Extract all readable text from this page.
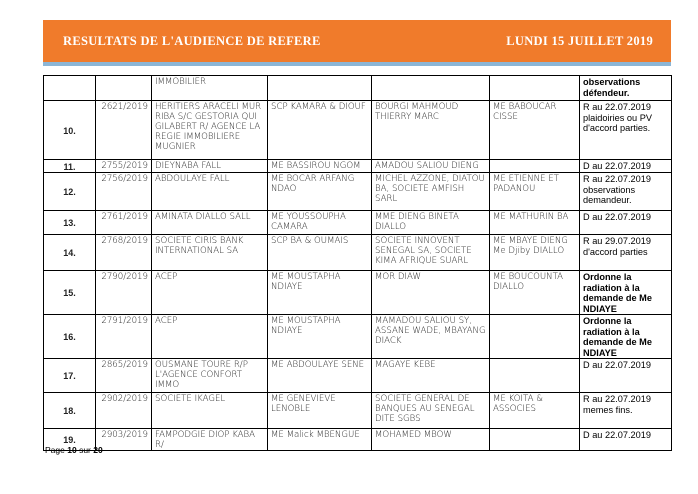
RESULTATS DE L'AUDIENCE DE REFERE	LUNDI 15 JUILLET 2019
		IMMOBILIER				observations défendeur.
10.	2621/2019	HERITIERS ARACELI MUR RIBA S/C GESTORIA QUI GILABERT R/ AGENCE LA REGIE IMMOBILIERE MUGNIER	SCP KAMARA & DIOUF	BOURGI MAHMOUD THIERRY MARC	ME BABOUCAR CISSE	R au 22.07.2019 plaidoiries ou PV d'accord parties.
11.	2755/2019	DIEYNABA FALL	ME BASSIROU NGOM	AMADOU SALIOU DIENG		D au 22.07.2019
12.	2756/2019	ABDOULAYE FALL	ME BOCAR ARFANG NDAO	MICHEL AZZONE, DIATOU BA, SOCIETE AMFISH SARL	ME ETIENNE ET PADANOU	R au 22.07.2019 observations demandeur.
13.	2761/2019	AMINATA DIALLO SALL	ME YOUSSOUPHA CAMARA	MME DIENG BINETA DIALLO	ME MATHURIN BA	D au 22.07.2019
14.	2768/2019	SOCIETE CIRIS BANK INTERNATIONAL SA	SCP BA & OUMAIS	SOCIETE INNOVENT SENEGAL SA, SOCIETE KIMA AFRIQUE SUARL	ME MBAYE DIENG Me Djiby DIALLO	R au 29.07.2019 d'accord parties
15.	2790/2019	ACEP	ME MOUSTAPHA NDIAYE	MOR DIAW	ME BOUCOUNTA DIALLO	Ordonne la radiation à la demande de Me NDIAYE
16.	2791/2019	ACEP	ME MOUSTAPHA NDIAYE	MAMADOU SALIOU SY, ASSANE WADE, MBAYANG DIACK		Ordonne la radiation à la demande de Me NDIAYE
17.	2865/2019	OUSMANE TOURE R/P L'AGENCE CONFORT IMMO	ME ABDOULAYE SENE	MAGAYE KEBE		D au 22.07.2019
18.	2902/2019	SOCIETE IKAGEL	ME GENEVIEVE LENOBLE	SOCIETE GENERAL DE BANQUES AU SENEGAL DITE SGBS	ME KOITA & ASSOCIES	R au 22.07.2019 memes fins.
19.	2903/2019	FAMPODGIE DIOP KABA R/	ME Malick MBENGUE	MOHAMED MBOW		D au 22.07.2019
Page 10 sur 20
